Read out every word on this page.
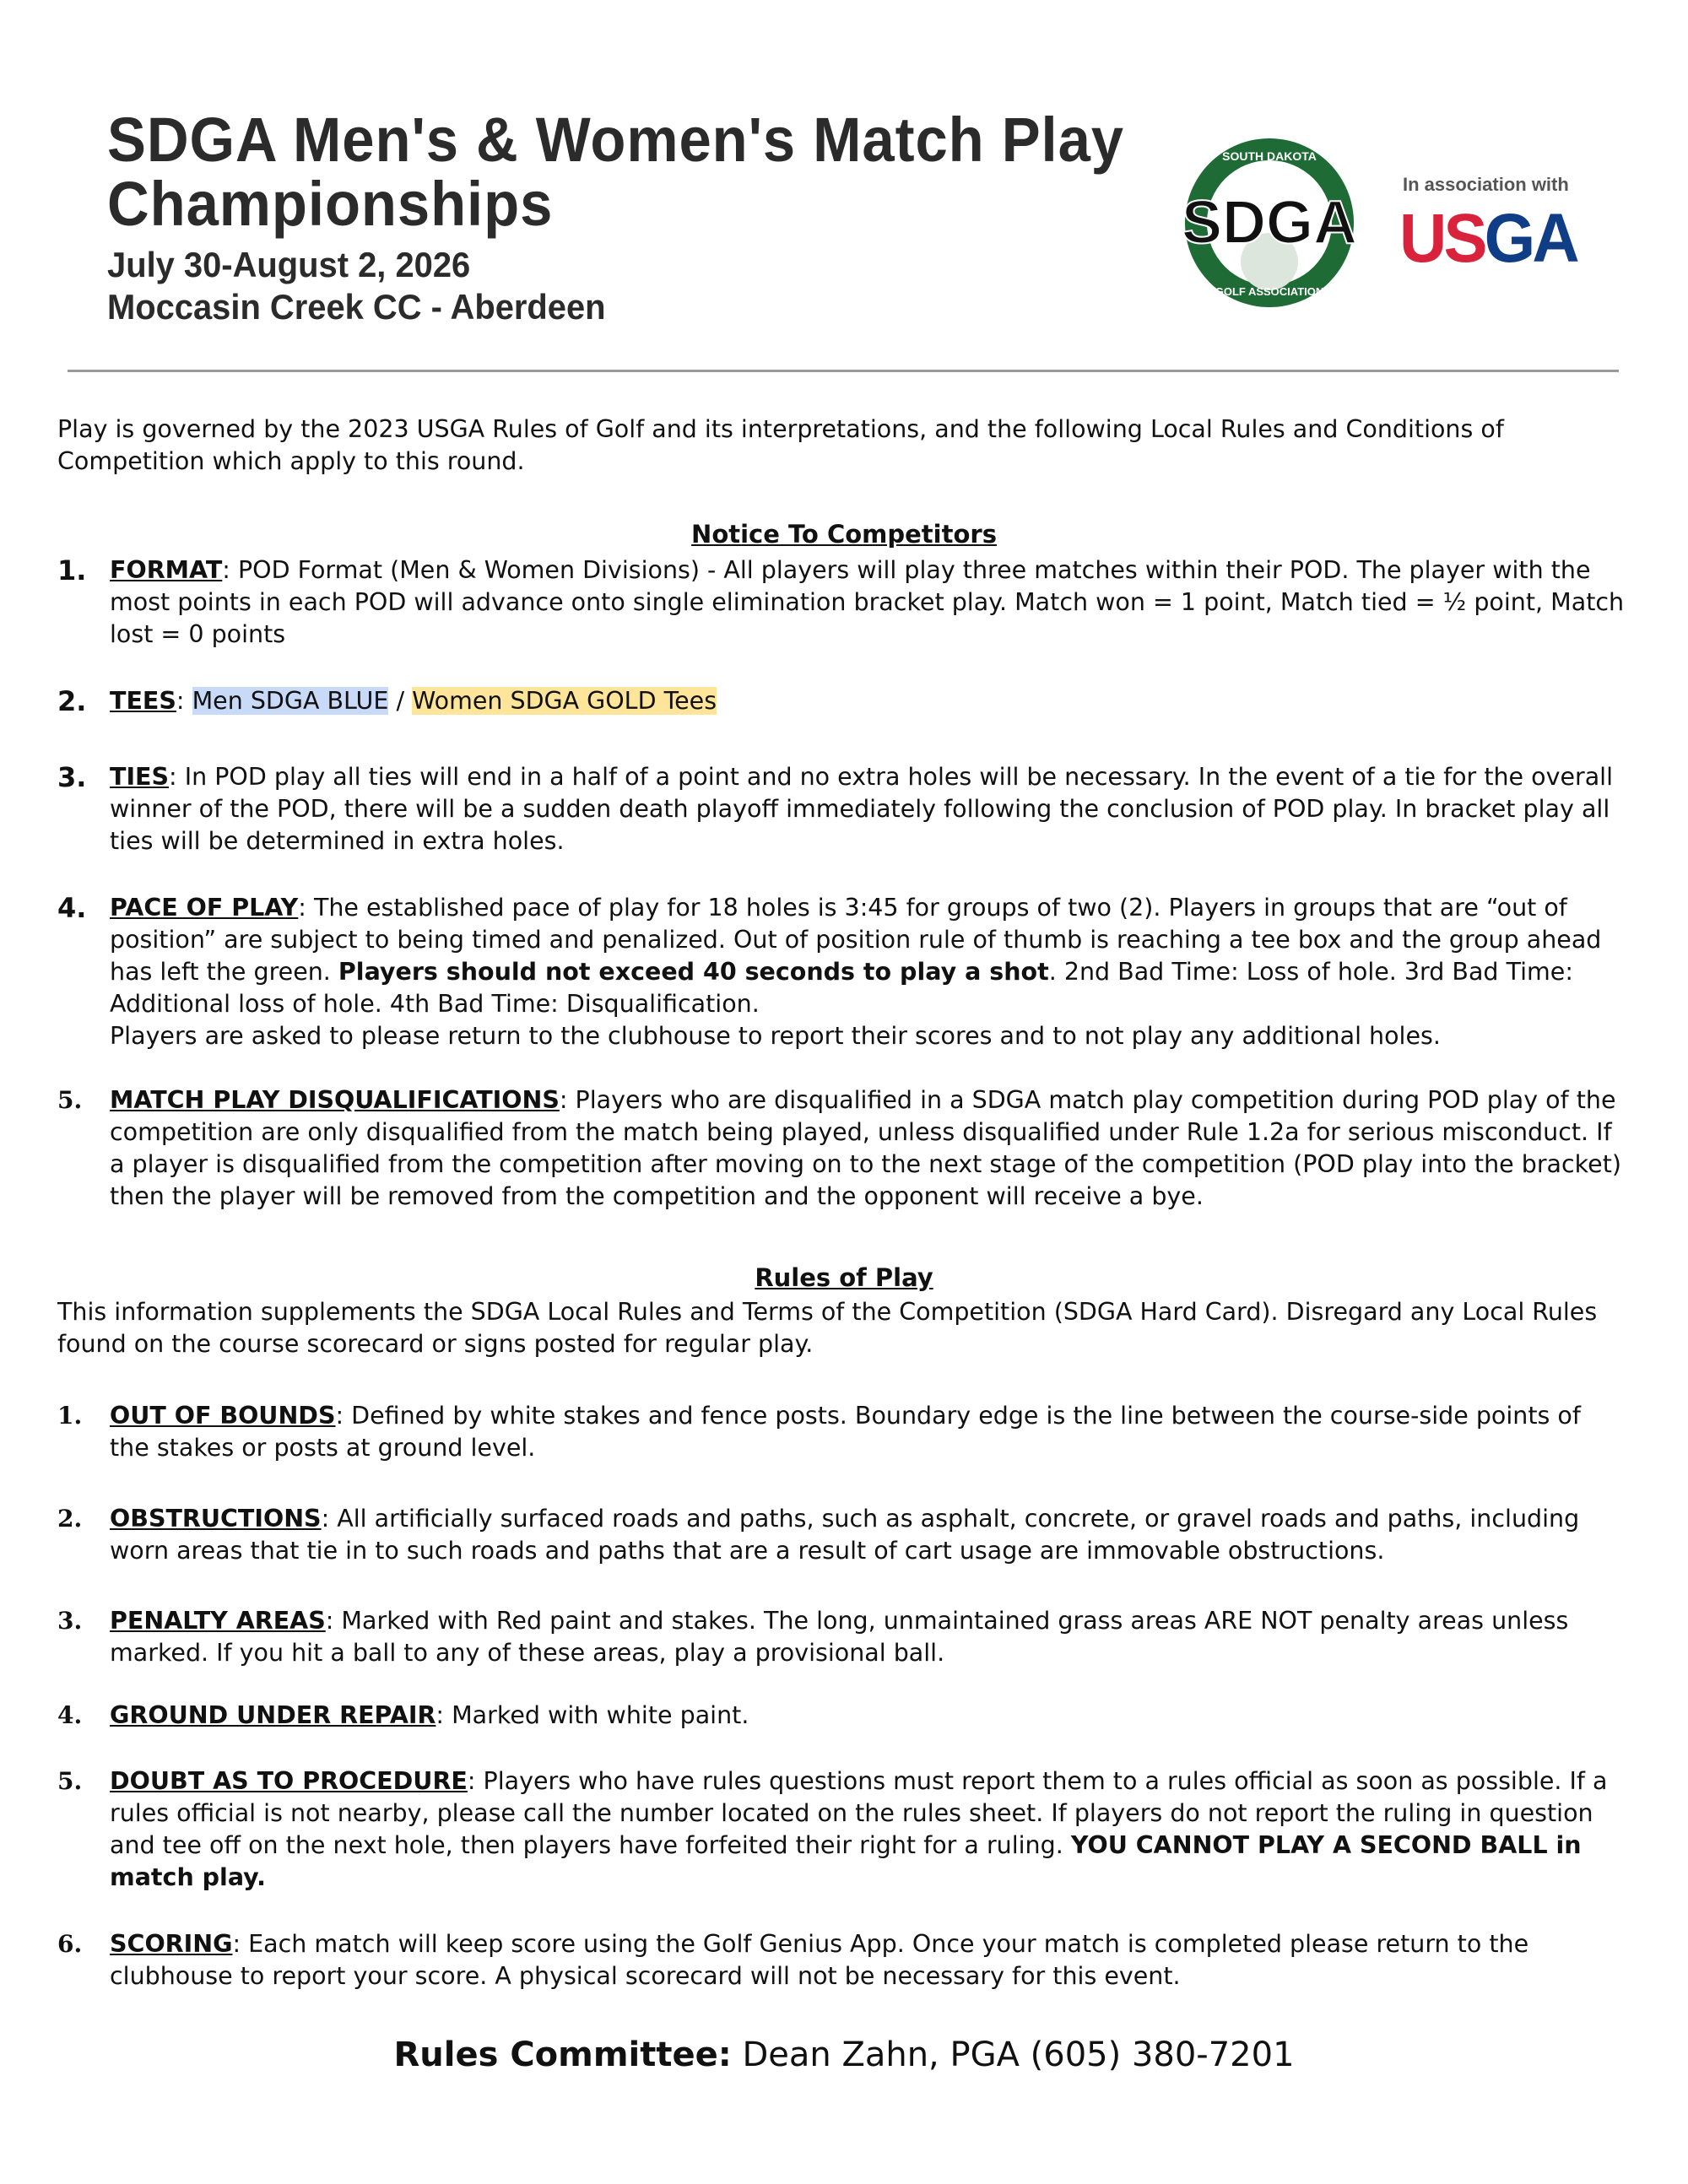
SDGA Men's & Women's Match Play
Championships
July 30-August 2, 2026
Moccasin Creek CC - Aberdeen
SDGA
SOUTH DAKOTA
GOLF ASSOCIATION
In association with
USGA
Play is governed by the 2023 USGA Rules of Golf and its interpretations, and the following Local Rules and Conditions of Competition which apply to this round.
Notice To Competitors
1. FORMAT: POD Format (Men & Women Divisions) - All players will play three matches within their POD. The player with the most points in each POD will advance onto single elimination bracket play. Match won = 1 point, Match tied = ½ point, Match lost = 0 points
2. TEES: Men SDGA BLUE / Women SDGA GOLD Tees
3. TIES: In POD play all ties will end in a half of a point and no extra holes will be necessary. In the event of a tie for the overall winner of the POD, there will be a sudden death playoff immediately following the conclusion of POD play. In bracket play all ties will be determined in extra holes.
4. PACE OF PLAY: The established pace of play for 18 holes is 3:45 for groups of two (2). Players in groups that are “out of position” are subject to being timed and penalized. Out of position rule of thumb is reaching a tee box and the group ahead has left the green. Players should not exceed 40 seconds to play a shot. 2nd Bad Time: Loss of hole. 3rd Bad Time: Additional loss of hole. 4th Bad Time: Disqualification.
Players are asked to please return to the clubhouse to report their scores and to not play any additional holes.
5. MATCH PLAY DISQUALIFICATIONS: Players who are disqualified in a SDGA match play competition during POD play of the competition are only disqualified from the match being played, unless disqualified under Rule 1.2a for serious misconduct. If a player is disqualified from the competition after moving on to the next stage of the competition (POD play into the bracket) then the player will be removed from the competition and the opponent will receive a bye.
Rules of Play
This information supplements the SDGA Local Rules and Terms of the Competition (SDGA Hard Card). Disregard any Local Rules found on the course scorecard or signs posted for regular play.
1. OUT OF BOUNDS: Defined by white stakes and fence posts. Boundary edge is the line between the course-side points of the stakes or posts at ground level.
2. OBSTRUCTIONS: All artificially surfaced roads and paths, such as asphalt, concrete, or gravel roads and paths, including worn areas that tie in to such roads and paths that are a result of cart usage are immovable obstructions.
3. PENALTY AREAS: Marked with Red paint and stakes. The long, unmaintained grass areas ARE NOT penalty areas unless marked. If you hit a ball to any of these areas, play a provisional ball.
4. GROUND UNDER REPAIR: Marked with white paint.
5. DOUBT AS TO PROCEDURE: Players who have rules questions must report them to a rules official as soon as possible. If a rules official is not nearby, please call the number located on the rules sheet. If players do not report the ruling in question and tee off on the next hole, then players have forfeited their right for a ruling. YOU CANNOT PLAY A SECOND BALL in match play.
6. SCORING: Each match will keep score using the Golf Genius App. Once your match is completed please return to the clubhouse to report your score. A physical scorecard will not be necessary for this event.
Rules Committee: Dean Zahn, PGA (605) 380-7201
